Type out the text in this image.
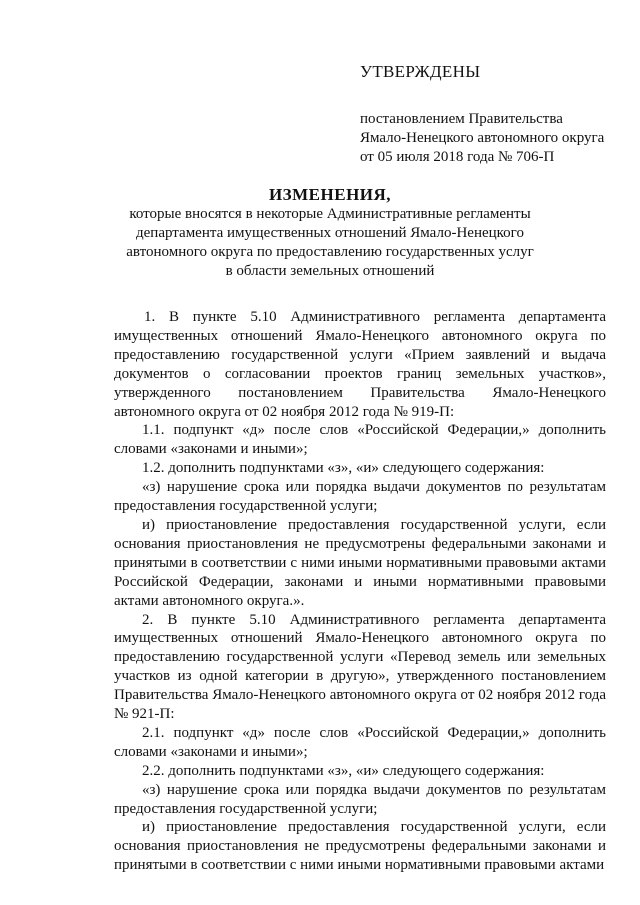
УТВЕРЖДЕНЫ
постановлением Правительства
Ямало-Ненецкого автономного округа
от 05 июля 2018 года № 706-П
ИЗМЕНЕНИЯ,
которые вносятся в некоторые Административные регламенты
департамента имущественных отношений Ямало-Ненецкого
автономного округа по предоставлению государственных услуг
в области земельных отношений

1. В пункте 5.10 Административного регламента департамента имущественных отношений Ямало-Ненецкого автономного округа по предоставлению государственной услуги «Прием заявлений и выдача документов о согласовании проектов границ земельных участков», утвержденного постановлением Правительства Ямало-Ненецкого автономного округа от 02 ноября 2012 года № 919-П:

1.1. подпункт «д» после слов «Российской Федерации,» дополнить словами «законами и иными»;

1.2. дополнить подпунктами «з», «и» следующего содержания:

«з) нарушение срока или порядка выдачи документов по результатам предоставления государственной услуги;

и) приостановление предоставления государственной услуги, если основания приостановления не предусмотрены федеральными законами и принятыми в соответствии с ними иными нормативными правовыми актами Российской Федерации, законами и иными нормативными правовыми актами автономного округа.».

2. В пункте 5.10 Административного регламента департамента имущественных отношений Ямало-Ненецкого автономного округа по предоставлению государственной услуги «Перевод земель или земельных участков из одной категории в другую», утвержденного постановлением Правительства Ямало-Ненецкого автономного округа от 02 ноября 2012 года № 921-П:

2.1. подпункт «д» после слов «Российской Федерации,» дополнить словами «законами и иными»;

2.2. дополнить подпунктами «з», «и» следующего содержания:

«з) нарушение срока или порядка выдачи документов по результатам предоставления государственной услуги;

и) приостановление предоставления государственной услуги, если основания приостановления не предусмотрены федеральными законами и принятыми в соответствии с ними иными нормативными правовыми актами
